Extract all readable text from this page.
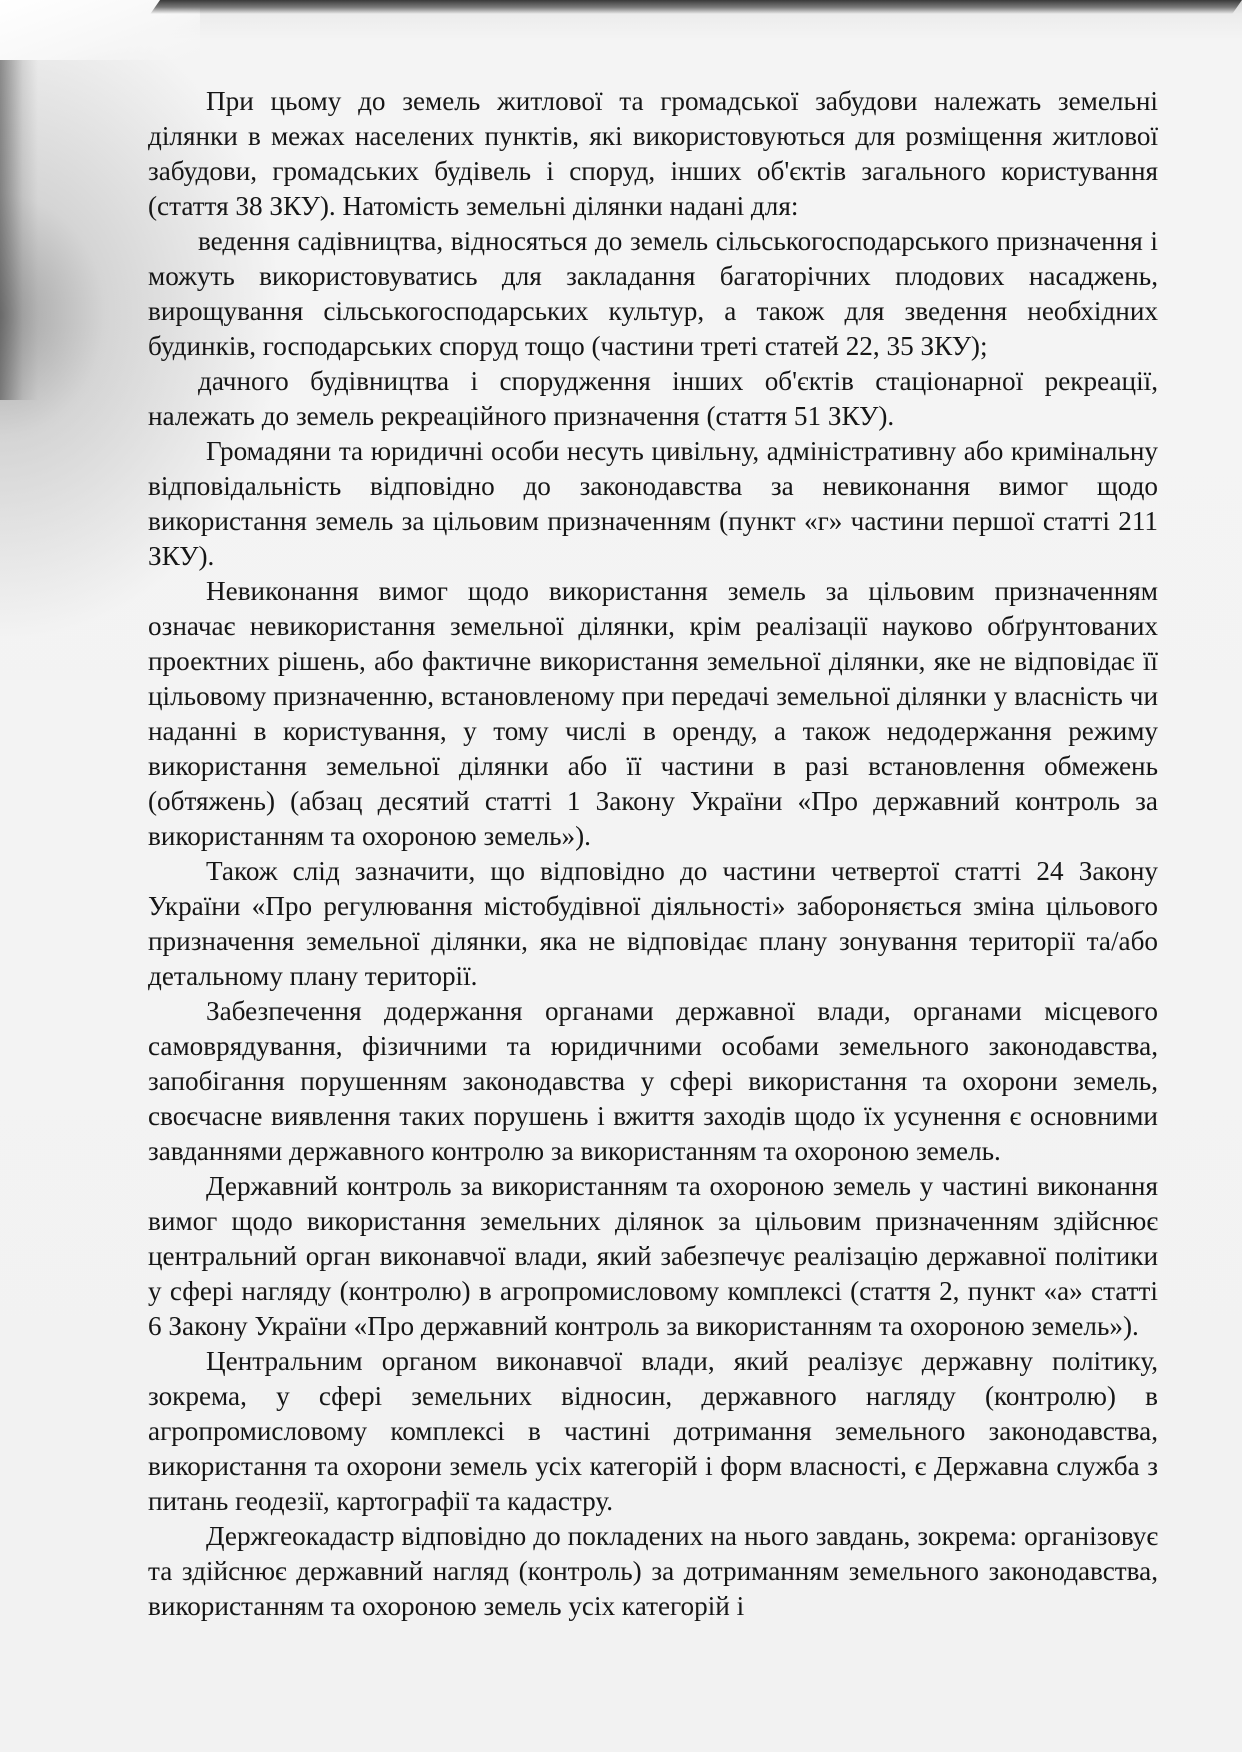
При цьому до земель житлової та громадської забудови належать земельні ділянки в межах населених пунктів, які використовуються для розміщення житлової забудови, громадських будівель і споруд, інших об'єктів загального користування (стаття 38 ЗКУ). Натомість земельні ділянки надані для:

ведення садівництва, відносяться до земель сільськогосподарського призначення і можуть використовуватись для закладання багаторічних плодових насаджень, вирощування сільськогосподарських культур, а також для зведення необхідних будинків, господарських споруд тощо (частини треті статей 22, 35 ЗКУ);

дачного будівництва і спорудження інших об'єктів стаціонарної рекреації, належать до земель рекреаційного призначення (стаття 51 ЗКУ).

Громадяни та юридичні особи несуть цивільну, адміністративну або кримінальну відповідальність відповідно до законодавства за невиконання вимог щодо використання земель за цільовим призначенням (пункт «г» частини першої статті 211 ЗКУ).

Невиконання вимог щодо використання земель за цільовим призначенням означає невикористання земельної ділянки, крім реалізації науково обґрунтованих проектних рішень, або фактичне використання земельної ділянки, яке не відповідає її цільовому призначенню, встановленому при передачі земельної ділянки у власність чи наданні в користування, у тому числі в оренду, а також недодержання режиму використання земельної ділянки або її частини в разі встановлення обмежень (обтяжень) (абзац десятий статті 1 Закону України «Про державний контроль за використанням та охороною земель»).

Також слід зазначити, що відповідно до частини четвертої статті 24 Закону України «Про регулювання містобудівної діяльності» забороняється зміна цільового призначення земельної ділянки, яка не відповідає плану зонування території та/або детальному плану території.

Забезпечення додержання органами державної влади, органами місцевого самоврядування, фізичними та юридичними особами земельного законодавства, запобігання порушенням законодавства у сфері використання та охорони земель, своєчасне виявлення таких порушень і вжиття заходів щодо їх усунення є основними завданнями державного контролю за використанням та охороною земель.

Державний контроль за використанням та охороною земель у частині виконання вимог щодо використання земельних ділянок за цільовим призначенням здійснює центральний орган виконавчої влади, який забезпечує реалізацію державної політики у сфері нагляду (контролю) в агропромисловому комплексі (стаття 2, пункт «а» статті 6 Закону України «Про державний контроль за використанням та охороною земель»).

Центральним органом виконавчої влади, який реалізує державну політику, зокрема, у сфері земельних відносин, державного нагляду (контролю) в агропромисловому комплексі в частині дотримання земельного законодавства, використання та охорони земель усіх категорій і форм власності, є Державна служба з питань геодезії, картографії та кадастру.

Держгеокадастр відповідно до покладених на нього завдань, зокрема: організовує та здійснює державний нагляд (контроль) за дотриманням земельного законодавства, використанням та охороною земель усіх категорій і
